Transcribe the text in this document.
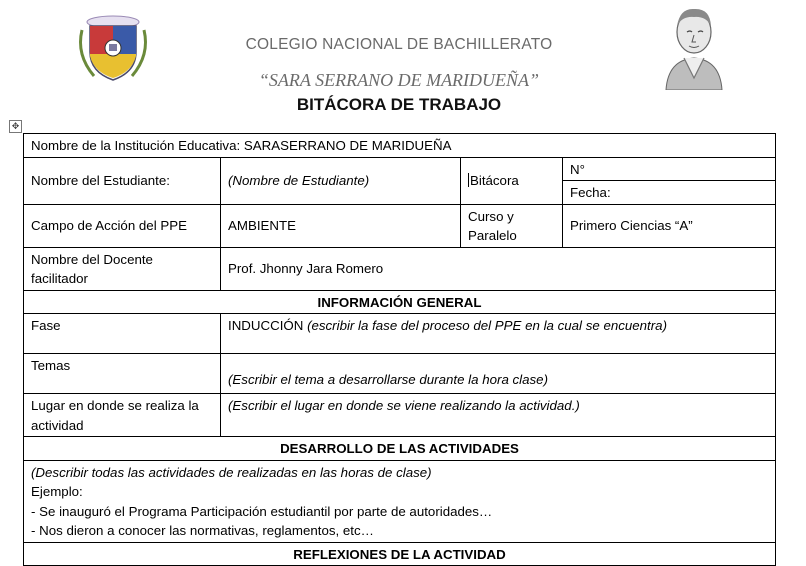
COLEGIO NACIONAL DE BACHILLERATO
“SARA SERRANO DE MARIDUEÑA”
BITÁCORA DE TRABAJO
✥
Nombre de la Institución Educativa: SARASERRANO DE MARIDUEÑA			
Nombre del Estudiante:	(Nombre de Estudiante)	Bitácora	N°
			Fecha:
Campo de Acción del PPE	AMBIENTE	Curso y Paralelo	Primero Ciencias “A”
Nombre del Docente facilitador	Prof. Jhonny Jara Romero		
INFORMACIÓN GENERAL			
Fase	INDUCCIÓN (escribir la fase del proceso del PPE en la cual se encuentra)		
Temas	(Escribir el tema a desarrollarse durante la hora clase)		
Lugar en donde se realiza la actividad	(Escribir el lugar en donde se viene realizando la actividad.)		
DESARROLLO DE LAS ACTIVIDADES			

(Describir todas las actividades de realizadas en las horas de clase)
Ejemplo:
- Se inauguró el Programa Participación estudiantil por parte de autoridades…
- Nos dieron a conocer las normativas, reglamentos, etc…			

REFLEXIONES DE LA ACTIVIDAD			
